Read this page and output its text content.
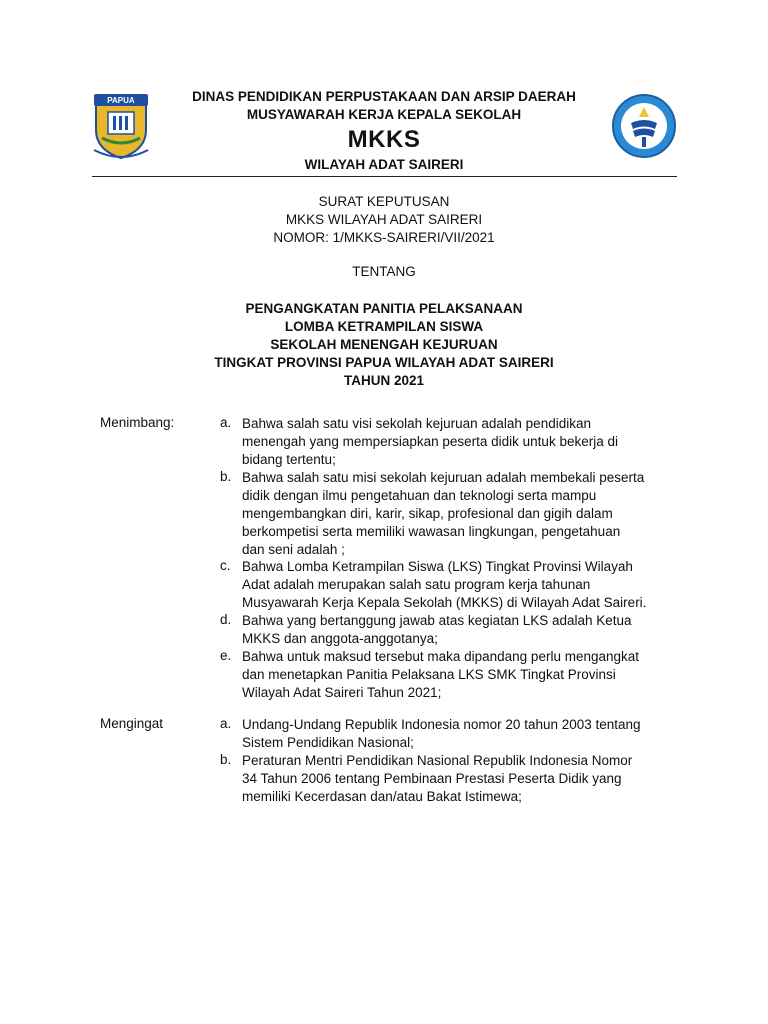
PAPUA	DINAS PENDIDIKAN PERPUSTAKAAN DAN ARSIP DAERAH
MUSYAWARAH KERJA KEPALA SEKOLAH
MKKS
WILAYAH ADAT SAIRERI
SURAT KEPUTUSAN
MKKS WILAYAH ADAT SAIRERI
NOMOR: 1/MKKS-SAIRERI/VII/2021
TENTANG
PENGANGKATAN PANITIA PELAKSANAAN
LOMBA KETRAMPILAN SISWA
SEKOLAH MENENGAH KEJURUAN
TINGKAT PROVINSI PAPUA WILAYAH ADAT SAIRERI
TAHUN 2021
Menimbang:	a. Bahwa salah satu visi sekolah kejuruan adalah pendidikan
menengah yang mempersiapkan peserta didik untuk bekerja di
bidang tertentu;
b. Bahwa salah satu misi sekolah kejuruan adalah membekali peserta
didik dengan ilmu pengetahuan dan teknologi serta mampu
mengembangkan diri, karir, sikap, profesional dan gigih dalam
berkompetisi serta memiliki wawasan lingkungan, pengetahuan
dan seni adalah ;
c. Bahwa Lomba Ketrampilan Siswa (LKS) Tingkat Provinsi Wilayah
Adat adalah merupakan salah satu program kerja tahunan
Musyawarah Kerja Kepala Sekolah (MKKS) di Wilayah Adat Saireri.
d. Bahwa yang bertanggung jawab atas kegiatan LKS adalah Ketua
MKKS dan anggota-anggotanya;
e. Bahwa untuk maksud tersebut maka dipandang perlu mengangkat
dan menetapkan Panitia Pelaksana LKS SMK Tingkat Provinsi
Wilayah Adat Saireri Tahun 2021;
Mengingat	a. Undang-Undang Republik Indonesia nomor 20 tahun 2003 tentang
Sistem Pendidikan Nasional;
b. Peraturan Mentri Pendidikan Nasional Republik Indonesia Nomor
34 Tahun 2006 tentang Pembinaan Prestasi Peserta Didik yang
memiliki Kecerdasan dan/atau Bakat Istimewa;
